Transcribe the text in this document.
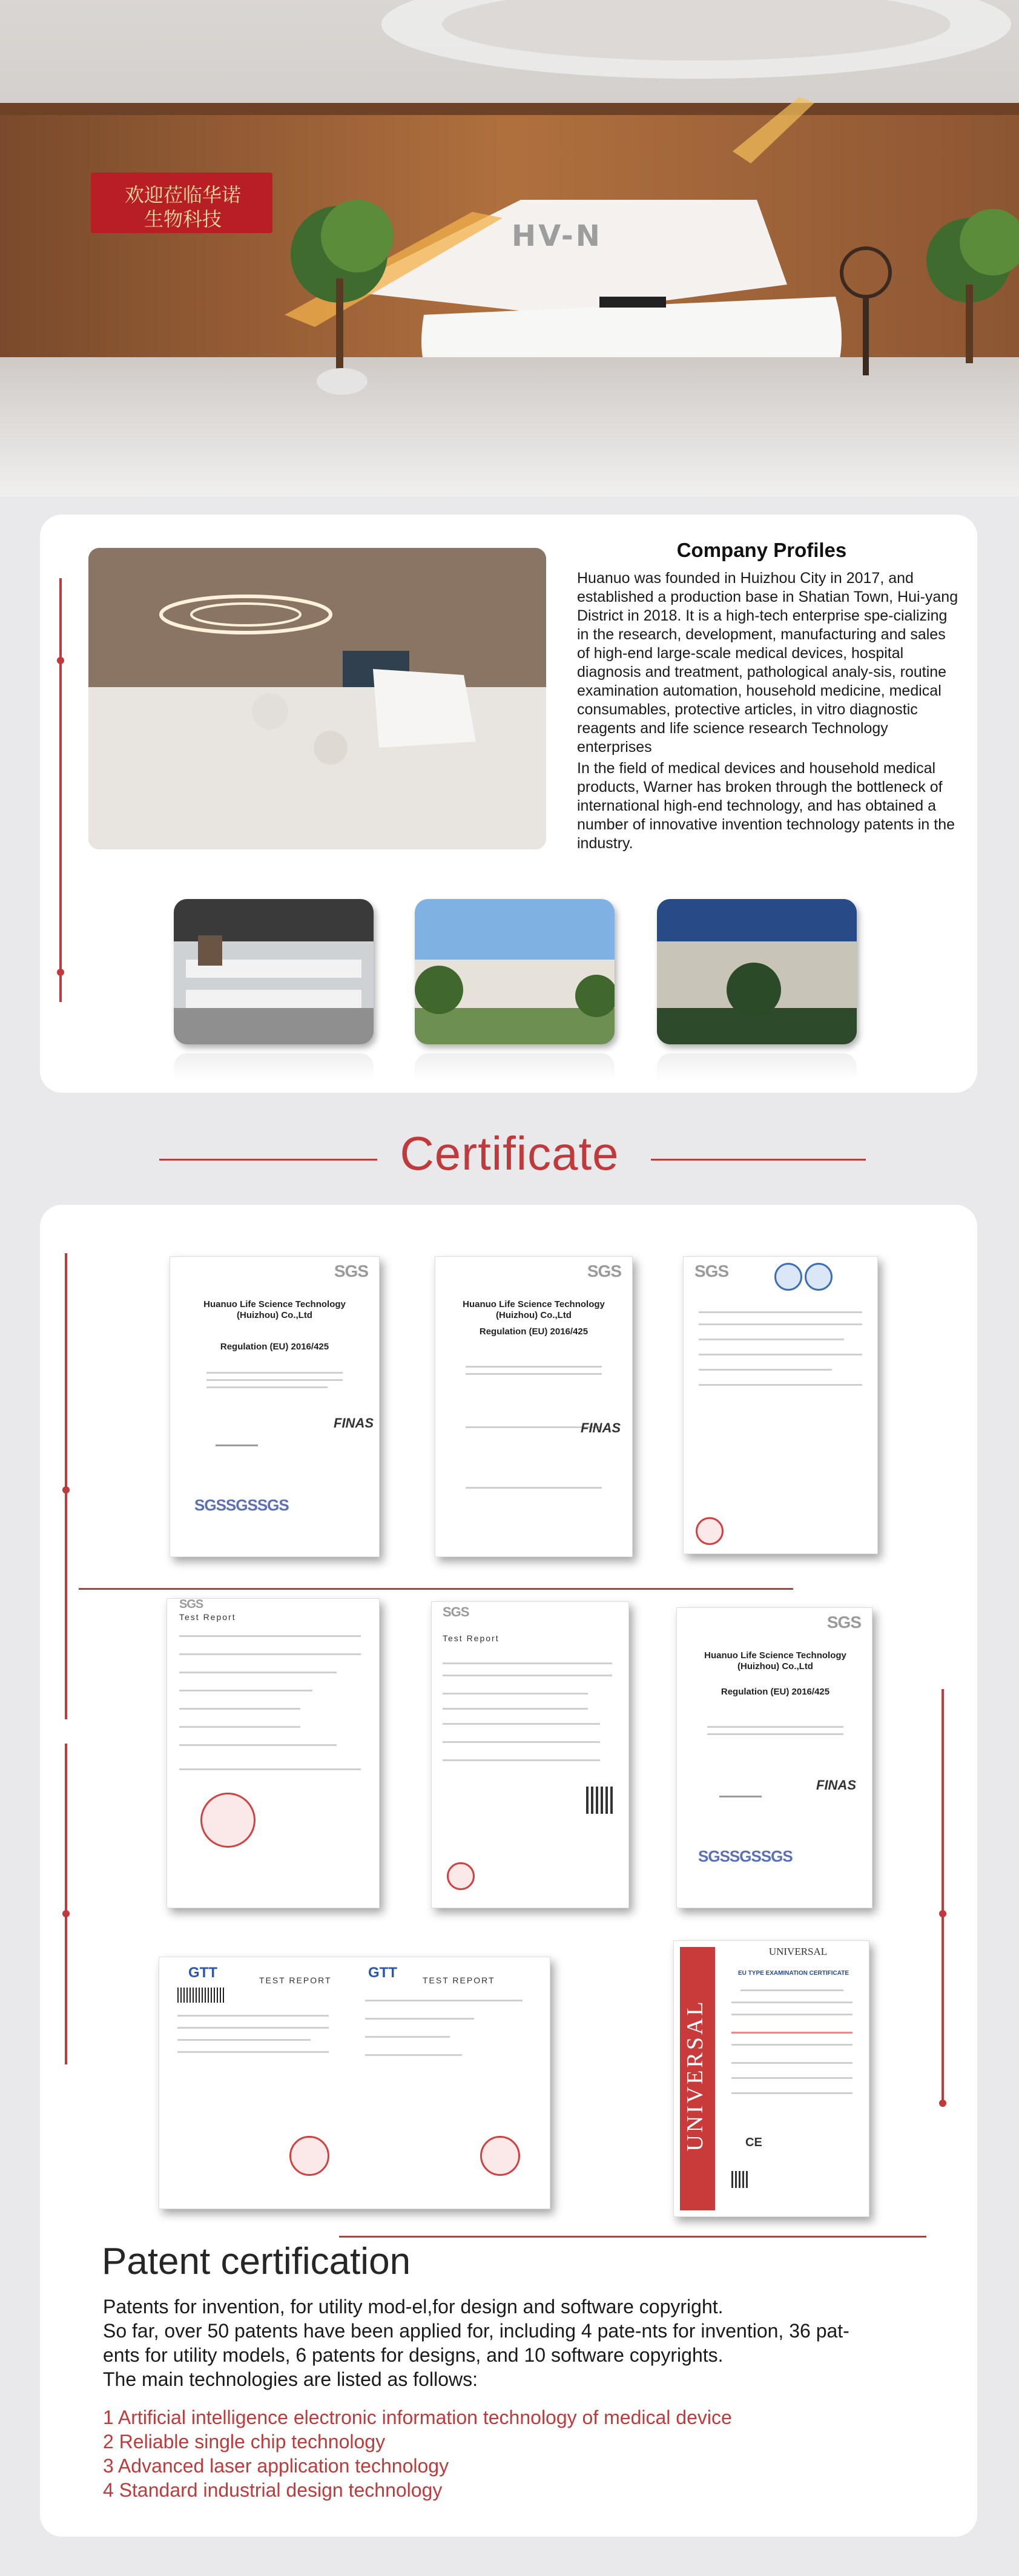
欢迎莅临华诺
生物科技	HV-N
Company Profiles

Huanuo was founded in Huizhou City in 2017, and established a production base in Shatian Town, Hui-yang District in 2018. It is a high-tech enterprise spe-cializing in the research, development, manufacturing and sales of high-end large-scale medical devices, hospital diagnosis and treatment, pathological analy-sis, routine examination automation, household medicine, medical consumables, protective articles, in vitro diagnostic reagents and life science research Technology enterprises

In the field of medical devices and household medical products, Warner has broken through the bottleneck of international high-end technology, and has obtained a number of innovative invention technology patents in the industry.

Certificate
SGS
Huanuo Life Science Technology (Huizhou) Co.,Ltd
Regulation (EU) 2016/425
FINAS
SGSSGSSGS
SGS
Huanuo Life Science Technology (Huizhou) Co.,Ltd
Regulation (EU) 2016/425
FINAS
SGS
SGS
Test Report	SGS
Test Report
SGS
Huanuo Life Science Technology (Huizhou) Co.,Ltd
Regulation (EU) 2016/425
FINAS
SGSSGSSGS
GTT	GTT
TEST REPORT	TEST REPORT
UNIVERSAL
UNIVERSAL
EU TYPE EXAMINATION CERTIFICATE
CE
Patent certification

Patents for invention, for utility mod-el,for design and software copyright.

So far, over 50 patents have been applied for, including 4 pate-nts for invention, 36 pat-

ents for utility models, 6 patents for designs, and 10 software copyrights.

The main technologies are listed as follows:

1 Artificial intelligence electronic information technology of medical device

2 Reliable single chip technology

3 Advanced laser application technology

4 Standard industrial design technology
